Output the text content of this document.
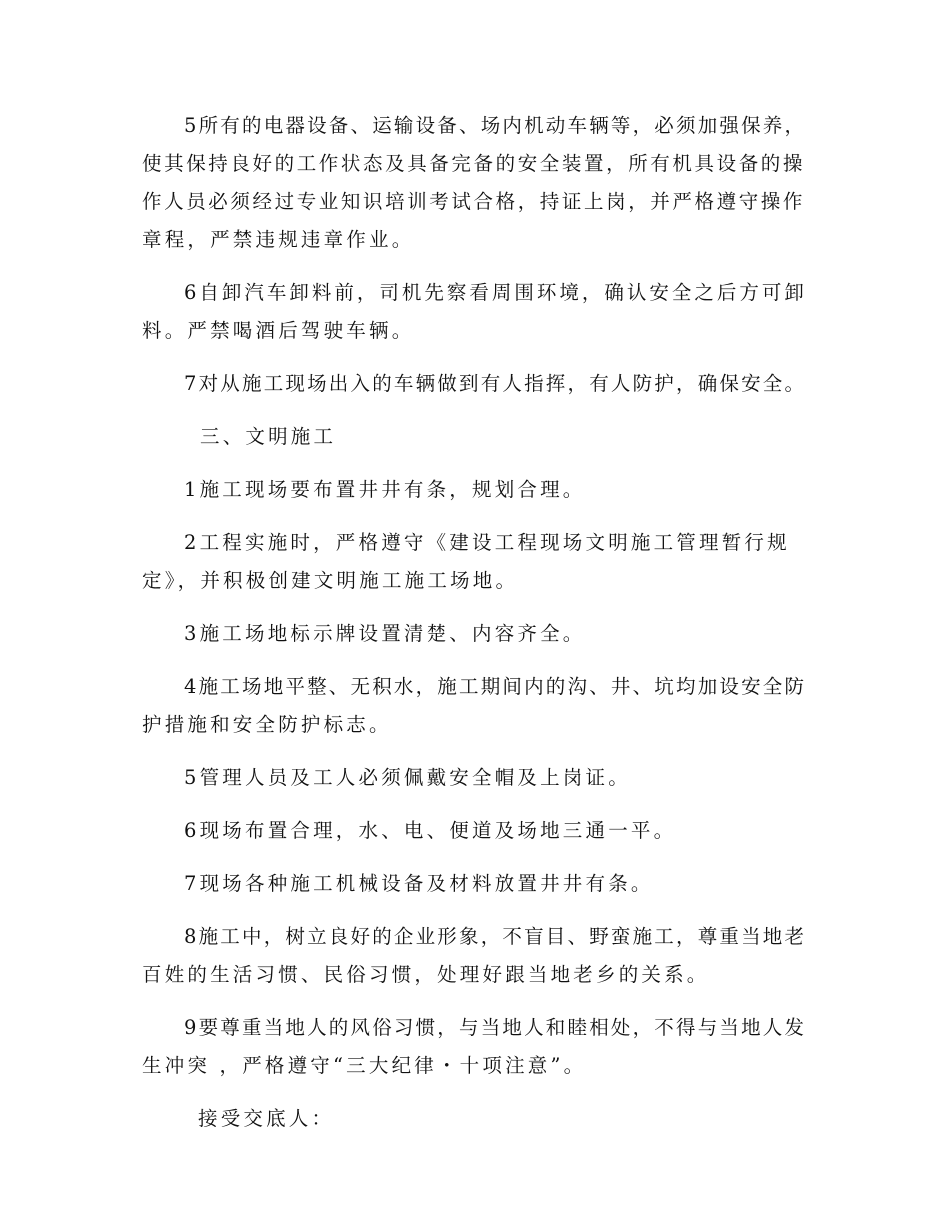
5所有的电器设备、运输设备、场内机动车辆等，必须加强保养，
使其保持良好的工作状态及具备完备的安全装置，所有机具设备的操
作人员必须经过专业知识培训考试合格，持证上岗，并严格遵守操作
章程，严禁违规违章作业。
6自卸汽车卸料前，司机先察看周围环境，确认安全之后方可卸
料。严禁喝酒后驾驶车辆。
7对从施工现场出入的车辆做到有人指挥，有人防护，确保安全。
三、文明施工
1施工现场要布置井井有条，规划合理。
2工程实施时，严格遵守《建设工程现场文明施工管理暂行规
定》，并积极创建文明施工施工场地。
3施工场地标示牌设置清楚、内容齐全。
4施工场地平整、无积水，施工期间内的沟、井、坑均加设安全防
护措施和安全防护标志。
5管理人员及工人必须佩戴安全帽及上岗证。
6现场布置合理，水、电、便道及场地三通一平。
7现场各种施工机械设备及材料放置井井有条。
8施工中，树立良好的企业形象，不盲目、野蛮施工，尊重当地老
百姓的生活习惯、民俗习惯，处理好跟当地老乡的关系。
9要尊重当地人的风俗习惯，与当地人和睦相处，不得与当地人发
生冲突 ，严格遵守“三大纪律・十项注意”。
接受交底人：
